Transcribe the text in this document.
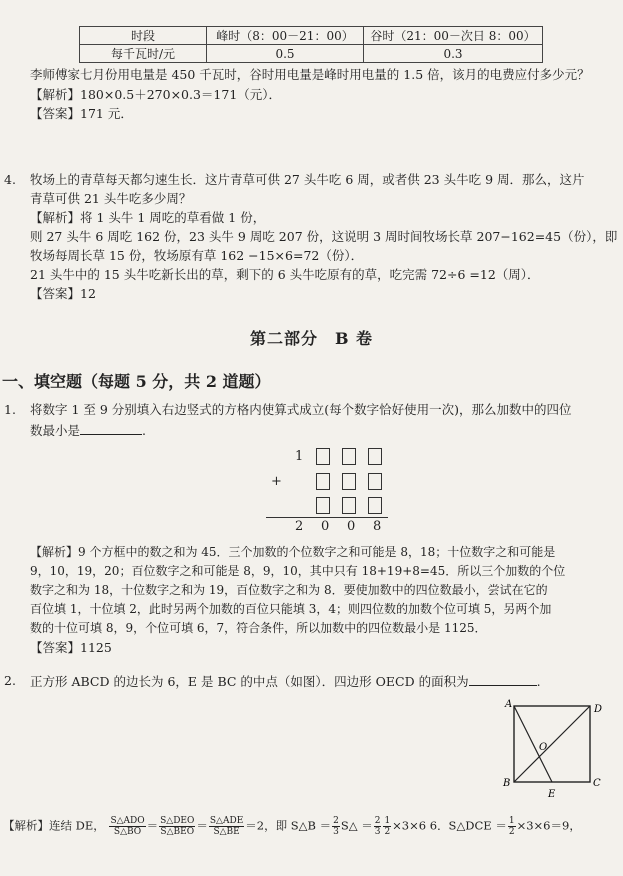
时段	峰时（8：00－21：00）	谷时（21：00－次日 8：00）
每千瓦时/元	0.5	0.3
李师傅家七月份用电量是 450 千瓦时，谷时用电量是峰时用电量的 1.5 倍，该月的电费应付多少元？
【解析】180×0.5＋270×0.3＝171（元）．
【答案】171 元．
4. 牧场上的青草每天都匀速生长．这片青草可供 27 头牛吃 6 周，或者供 23 头牛吃 9 周．那么，这片
青草可供 21 头牛吃多少周？
【解析】将 1 头牛 1 周吃的草看做 1 份，
则 27 头牛 6 周吃 162 份，23 头牛 9 周吃 207 份，这说明 3 周时间牧场长草 207−162=45（份），即
牧场每周长草 15 份，牧场原有草 162 −15×6=72（份）．
21 头牛中的 15 头牛吃新长出的草，剩下的 6 头牛吃原有的草，吃完需 72÷6 =12（周）．
【答案】12
第二部分　B 卷
一、填空题（每题 5 分，共 2 道题）
1. 将数字 1 至 9 分别填入右边竖式的方格内使算式成立(每个数字恰好使用一次)，那么加数中的四位
数最小是	.
1
+
2 0 0 8
【解析】9 个方框中的数之和为 45．三个加数的个位数字之和可能是 8，18；十位数字之和可能是
9，10，19，20；百位数字之和可能是 8，9，10，其中只有 18+19+8=45．所以三个加数的个位
数字之和为 18，十位数字之和为 19，百位数字之和为 8．要使加数中的四位数最小，尝试在它的
百位填 1，十位填 2，此时另两个加数的百位只能填 3，4；则四位数的加数个位可填 5，另两个加
数的十位可填 8，9，个位可填 6，7，符合条件，所以加数中的四位数最小是 1125．
【答案】1125
2. 正方形 ABCD 的边长为 6，E 是 BC 的中点（如图）．四边形 OECD 的面积为	.
A	D
O
B	C
E
【解析】连结 DE， $\frac{\text{S△ADO}}{S\triangle BO} = \frac{\text{S△DEO}}{\text{S△BEO}} = \frac{\text{S△ADE}}{S\triangle BE} =2$，即 S△B ＝ $\frac{2}{3}$ S△ ＝ $\frac{2}{3} \frac{1}{2} \times 3\times 6$ 6．S△DCE ＝ $\frac{1}{2} \times 3\times 6=9$，
